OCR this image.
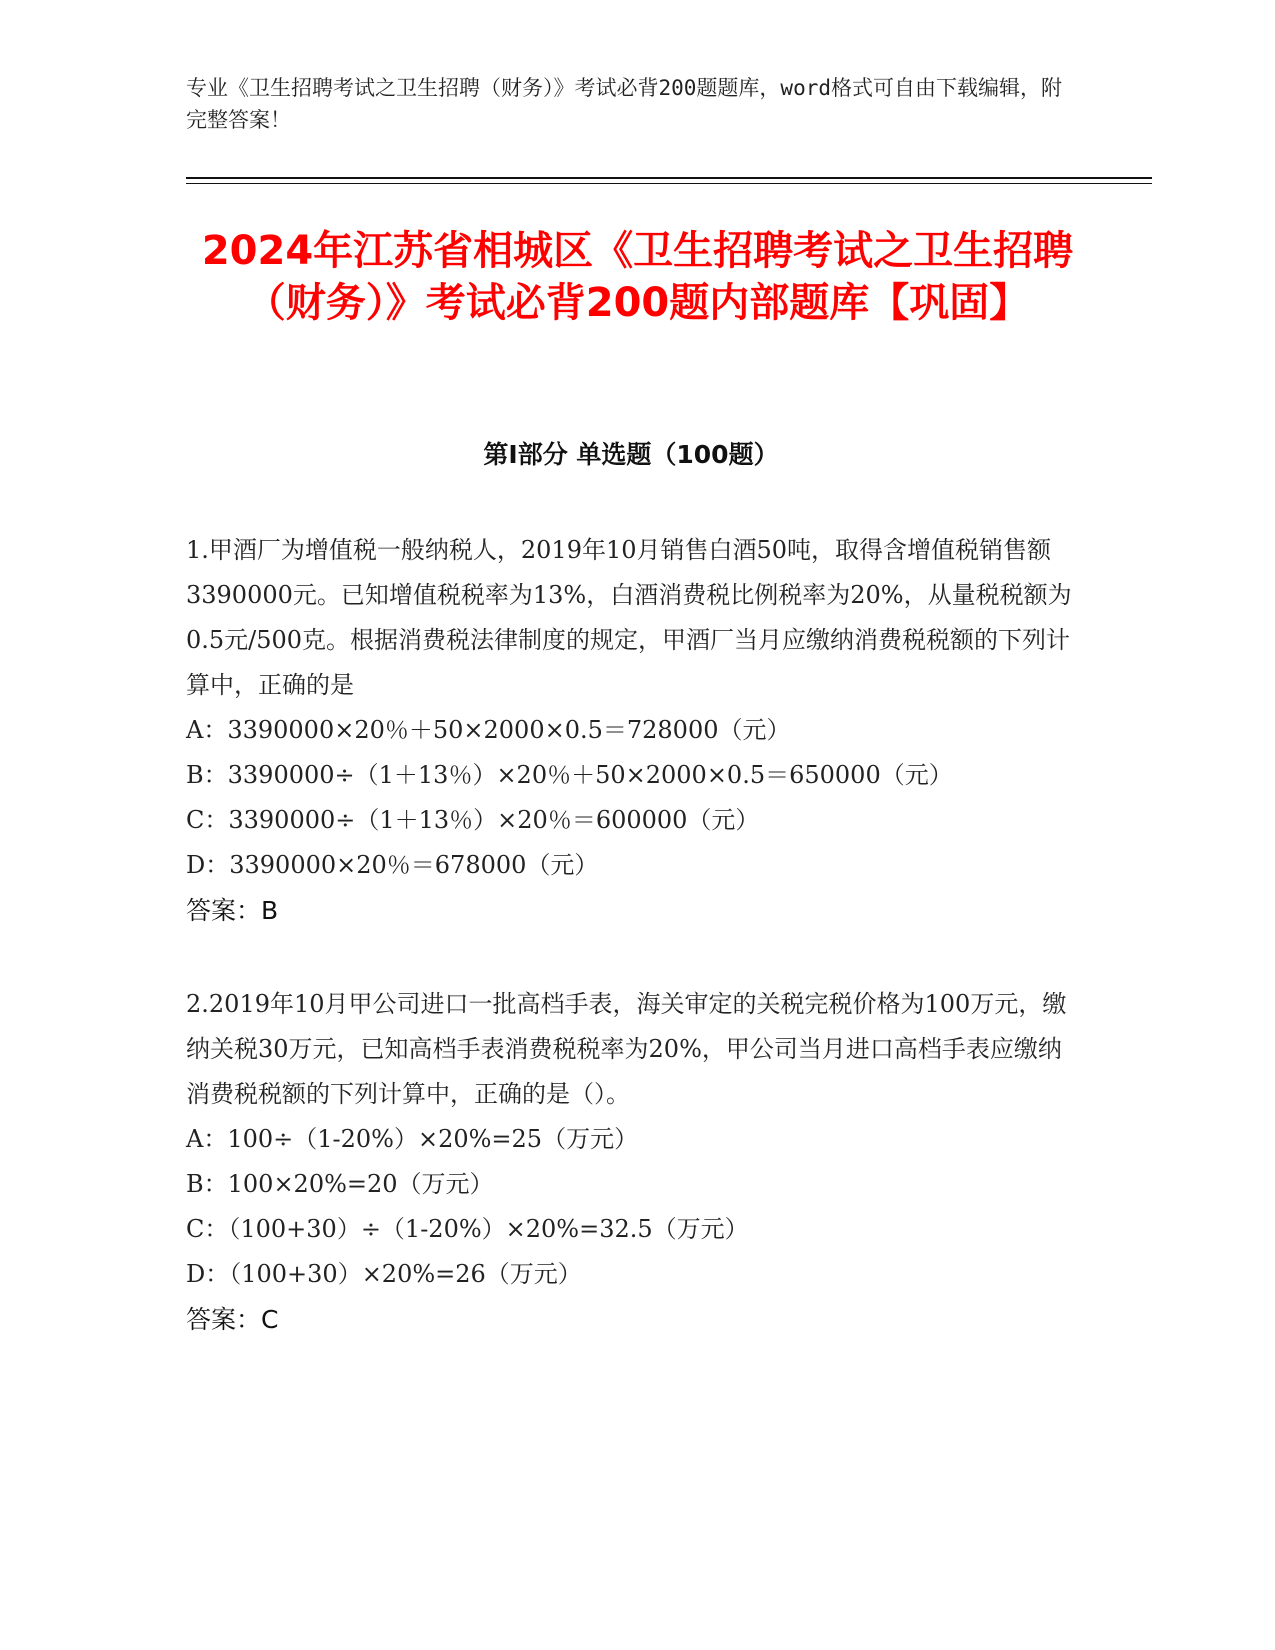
专业《卫生招聘考试之卫生招聘（财务）》考试必背200题题库，word格式可自由下载编辑，附完整答案！
2024年江苏省相城区《卫生招聘考试之卫生招聘（财务）》考试必背200题内部题库【巩固】
第Ⅰ部分 单选题（100题）

1.甲酒厂为增值税一般纳税人，2019年10月销售白酒50吨，取得含增值税销售额3390000元。已知增值税税率为13%，白酒消费税比例税率为20%，从量税税额为0.5元/500克。根据消费税法律制度的规定，甲酒厂当月应缴纳消费税税额的下列计算中，正确的是

A：3390000×20％＋50×2000×0.5＝728000（元）

B：3390000÷（1＋13％）×20％＋50×2000×0.5＝650000（元）

C：3390000÷（1＋13％）×20％＝600000（元）

D：3390000×20％＝678000（元）

答案：B

2.2019年10月甲公司进口一批高档手表，海关审定的关税完税价格为100万元，缴纳关税30万元，已知高档手表消费税税率为20%，甲公司当月进口高档手表应缴纳消费税税额的下列计算中，正确的是（）。

A：100÷（1-20%）×20%=25（万元）

B：100×20%=20（万元）

C：（100+30）÷（1-20%）×20%=32.5（万元）

D：（100+30）×20%=26（万元）

答案：C
